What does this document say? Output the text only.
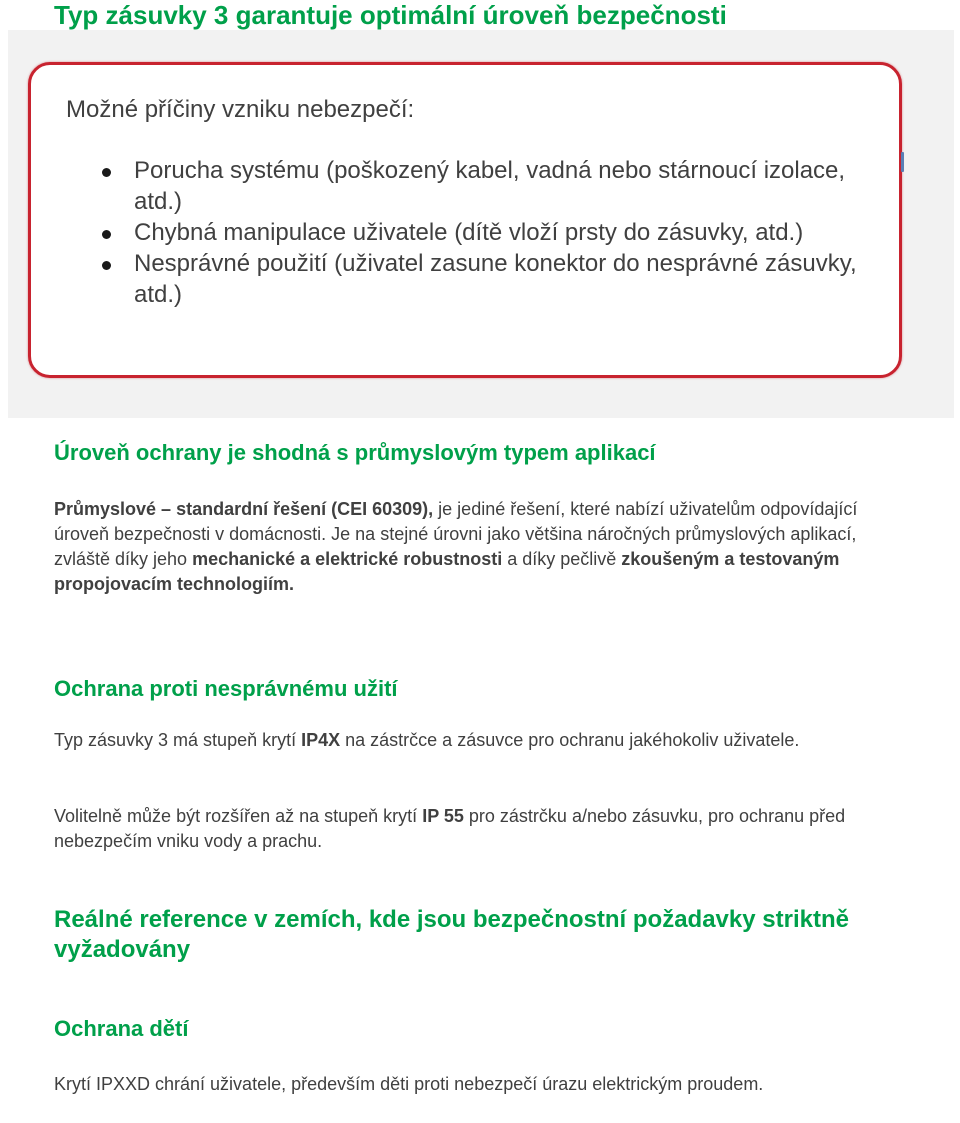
Typ zásuvky 3 garantuje optimální úroveň bezpečnosti
Možné příčiny vzniku nebezpečí:
Porucha systému (poškozený kabel, vadná nebo stárnoucí izolace, atd.)
Chybná manipulace uživatele (dítě vloží prsty do zásuvky, atd.)
Nesprávné použití (uživatel zasune konektor do nesprávné zásuvky, atd.)
Úroveň ochrany je shodná s průmyslovým typem aplikací

Průmyslové – standardní řešení (CEI 60309), je jediné řešení, které nabízí uživatelům odpovídající úroveň bezpečnosti v domácnosti. Je na stejné úrovni jako většina náročných průmyslových aplikací, zvláště díky jeho mechanické a elektrické robustnosti a díky pečlivě zkoušeným a testovaným propojovacím technologiím.

Ochrana proti nesprávnému užití

Typ zásuvky 3 má stupeň krytí IP4X na zástrčce a zásuvce pro ochranu jakéhokoliv uživatele.

Volitelně může být rozšířen až na stupeň krytí IP 55 pro zástrčku a/nebo zásuvku, pro ochranu před nebezpečím vniku vody a prachu.

Reálné reference v zemích, kde jsou bezpečnostní požadavky striktně vyžadovány
Ochrana dětí

Krytí IPXXD chrání uživatele, především děti proti nebezpečí úrazu elektrickým proudem.
